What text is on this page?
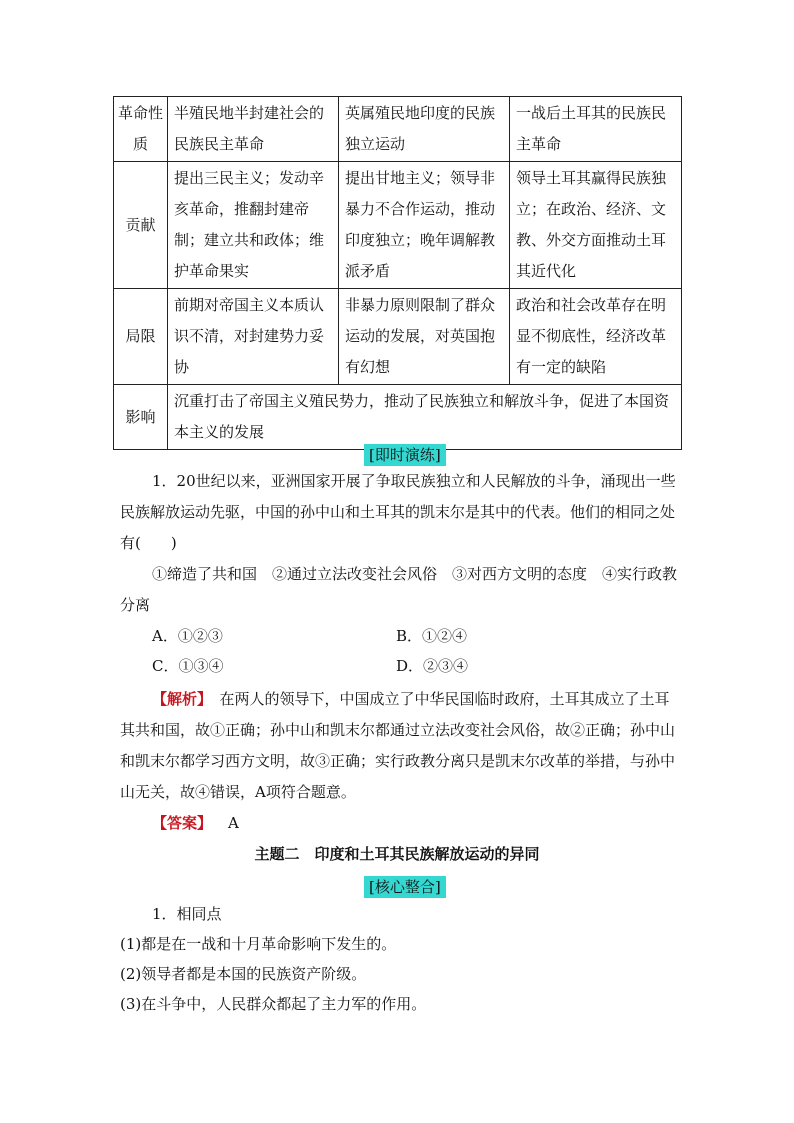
革命性质	半殖民地半封建社会的民族民主革命	英属殖民地印度的民族独立运动	一战后土耳其的民族民主革命
贡献	提出三民主义；发动辛亥革命，推翻封建帝制；建立共和政体；维护革命果实	提出甘地主义；领导非暴力不合作运动，推动印度独立；晚年调解教派矛盾	领导土耳其赢得民族独立；在政治、经济、文教、外交方面推动土耳其近代化
局限	前期对帝国主义本质认识不清，对封建势力妥协	非暴力原则限制了群众运动的发展，对英国抱有幻想	政治和社会改革存在明显不彻底性，经济改革有一定的缺陷
影响	沉重打击了帝国主义殖民势力，推动了民族独立和解放斗争，促进了本国资本主义的发展		
[即时演练]

1．20世纪以来，亚洲国家开展了争取民族独立和人民解放的斗争，涌现出一些民族解放运动先驱，中国的孙中山和土耳其的凯末尔是其中的代表。他们的相同之处有(　　)

①缔造了共和国　②通过立法改变社会风俗　③对西方文明的态度　④实行政教分离

A．①②③	B．①②④
C．①③④	D．②③④

【解析】　在两人的领导下，中国成立了中华民国临时政府，土耳其成立了土耳其共和国，故①正确；孙中山和凯末尔都通过立法改变社会风俗，故②正确；孙中山和凯末尔都学习西方文明，故③正确；实行政教分离只是凯末尔改革的举措，与孙中山无关，故④错误，A项符合题意。

【答案】 A

主题二　印度和土耳其民族解放运动的异同
[核心整合]

1．相同点

(1)都是在一战和十月革命影响下发生的。

(2)领导者都是本国的民族资产阶级。

(3)在斗争中，人民群众都起了主力军的作用。
